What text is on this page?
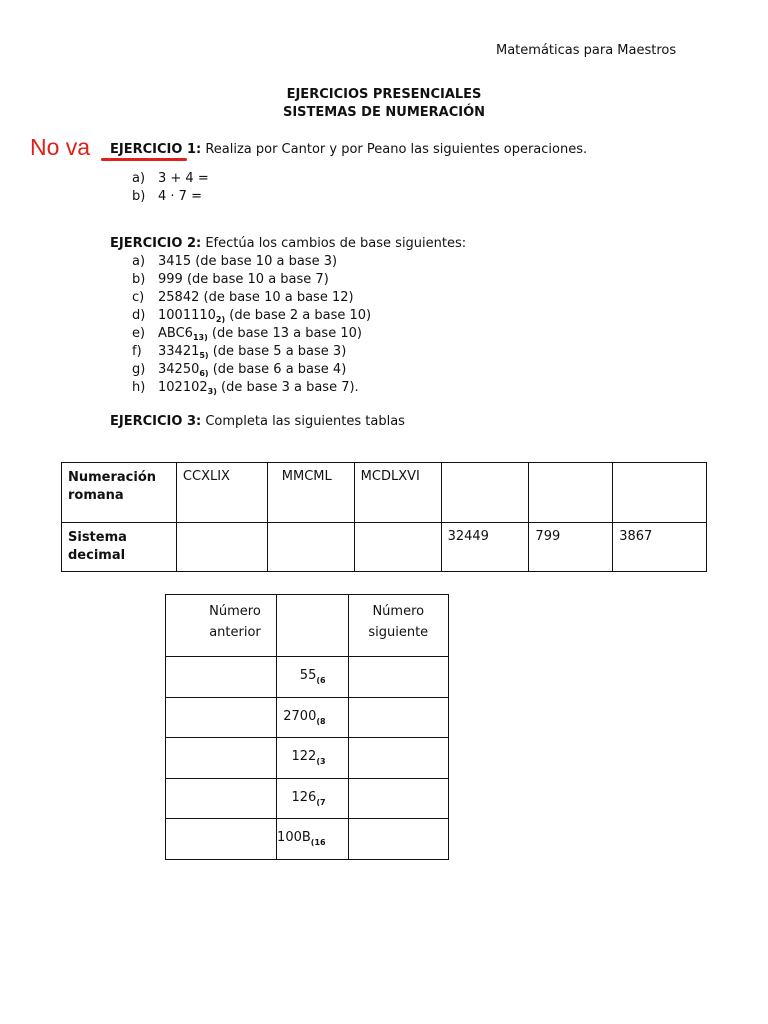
Matemáticas para Maestros
EJERCICIOS PRESENCIALES
SISTEMAS DE NUMERACIÓN
No va EJERCICIO 1: Realiza por Cantor y por Peano las siguientes operaciones.
a) 3 + 4 =
b) 4 · 7 =
EJERCICIO 2: Efectúa los cambios de base siguientes:
a) 3415 (de base 10 a base 3)
b) 999 (de base 10 a base 7)
c) 25842 (de base 10 a base 12)
d) $1001110_{2)}$ (de base 2 a base 10)
e) $ABC6_{13)}$ (de base 13 a base 10)
f) $33421_{5)}$ (de base 5 a base 3)
g) $34250_{6)}$ (de base 6 a base 4)
h) $102102_{3)}$ (de base 3 a base 7).
EJERCICIO 3: Completa las siguientes tablas
Numeración romana	CCXLIX	MMCML	MCDLXVI			
Sistema decimal				32449	799	3867
Número anterior		Número siguiente

	$55_{(6}$	
	$2700_{(8}$	
	$122_{(3}$	
	$126_{(7}$	
	$100B_{(16}$	
